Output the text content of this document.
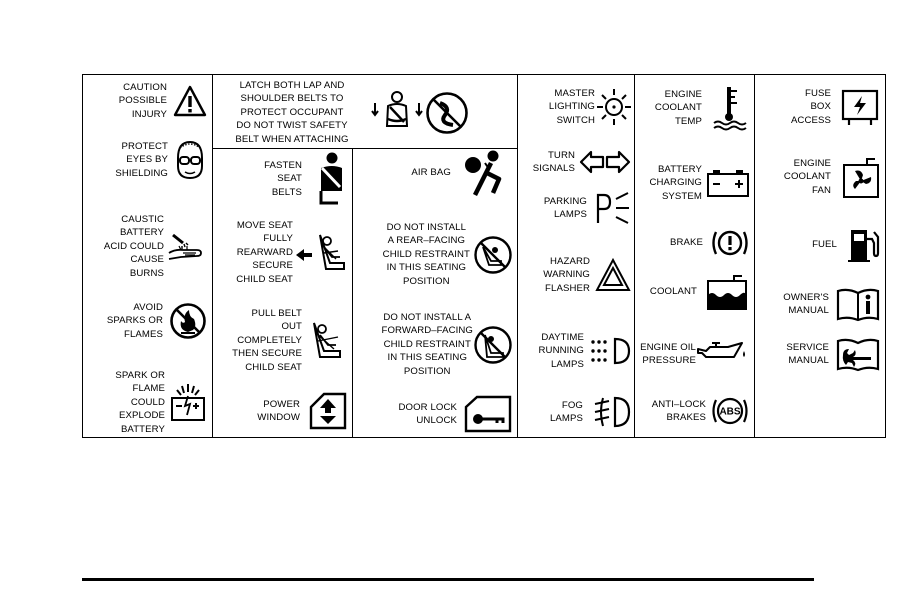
CAUTION
POSSIBLE
INJURY
PROTECT
EYES BY
SHIELDING
CAUSTIC
BATTERY
ACID COULD
CAUSE
BURNS
AVOID
SPARKS OR
FLAMES
SPARK OR
FLAME
COULD
EXPLODE
BATTERY
LATCH BOTH LAP AND
SHOULDER BELTS TO
PROTECT OCCUPANT
DO NOT TWIST SAFETY
BELT WHEN ATTACHING
FASTEN
SEAT
BELTS
MOVE SEAT
FULLY
REARWARD
SECURE
CHILD SEAT
PULL BELT
OUT
COMPLETELY
THEN SECURE
CHILD SEAT
POWER
WINDOW
AIR BAG
DO NOT INSTALL
A REAR–FACING
CHILD RESTRAINT
IN THIS SEATING
POSITION
DO NOT INSTALL A
FORWARD–FACING
CHILD RESTRAINT
IN THIS SEATING
POSITION
DOOR LOCK
UNLOCK
MASTER
LIGHTING
SWITCH
TURN
SIGNALS
PARKING
LAMPS
HAZARD
WARNING
FLASHER
DAYTIME
RUNNING
LAMPS
FOG
LAMPS
ENGINE
COOLANT
TEMP
BATTERY
CHARGING
SYSTEM
BRAKE
COOLANT
ENGINE OIL
PRESSURE
ANTI–LOCK
BRAKES ABS
FUSE
BOX
ACCESS
ENGINE
COOLANT
FAN
FUEL
OWNER'S
MANUAL
SERVICE
MANUAL
